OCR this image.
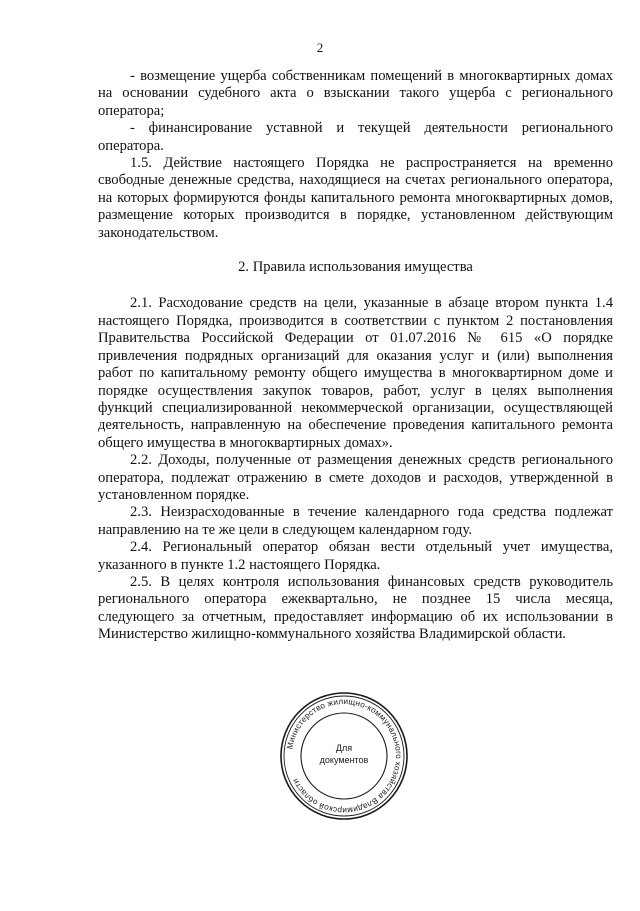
2

- возмещение ущерба собственникам помещений в многоквартирных домах на основании судебного акта о взыскании такого ущерба с регионального оператора;

- финансирование уставной и текущей деятельности регионального оператора.

1.5. Действие настоящего Порядка не распространяется на временно свободные денежные средства, находящиеся на счетах регионального оператора, на которых формируются фонды капитального ремонта многоквартирных домов, размещение которых производится в порядке, установленном действующим законодательством.

2. Правила использования имущества

2.1. Расходование средств на цели, указанные в абзаце втором пункта 1.4 настоящего Порядка, производится в соответствии с пунктом 2 постановления Правительства Российской Федерации от 01.07.2016 № 615 «О порядке привлечения подрядных организаций для оказания услуг и (или) выполнения работ по капитальному ремонту общего имущества в многоквартирном доме и порядке осуществления закупок товаров, работ, услуг в целях выполнения функций специализированной некоммерческой организации, осуществляющей деятельность, направленную на обеспечение проведения капитального ремонта общего имущества в многоквартирных домах».

2.2. Доходы, полученные от размещения денежных средств регионального оператора, подлежат отражению в смете доходов и расходов, утвержденной в установленном порядке.

2.3. Неизрасходованные в течение календарного года средства подлежат направлению на те же цели в следующем календарном году.

2.4. Региональный оператор обязан вести отдельный учет имущества, указанного в пункте 1.2 настоящего Порядка.

2.5. В целях контроля использования финансовых средств руководитель регионального оператора ежеквартально, не позднее 15 числа месяца, следующего за отчетным, предоставляет информацию об их использовании в Министерство жилищно-коммунального хозяйства Владимирской области.

Министерство жилищно-коммунального хозяйства Владимирской области
Для
документов
